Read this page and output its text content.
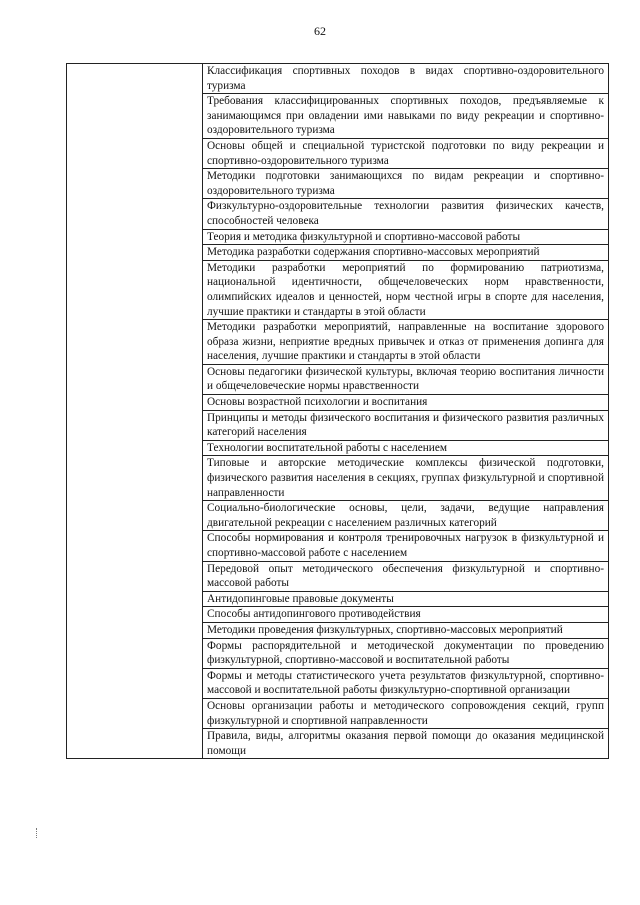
62
	Классификация спортивных походов в видах спортивно-оздоровительного туризма
Требования классифицированных спортивных походов, предъявляемые к занимающимся при овладении ими навыками по виду рекреации и спортивно-оздоровительного туризма
Основы общей и специальной туристской подготовки по виду рекреации и спортивно-оздоровительного туризма
Методики подготовки занимающихся по видам рекреации и спортивно-оздоровительного туризма
Физкультурно-оздоровительные технологии развития физических качеств, способностей человека
Теория и методика физкультурной и спортивно-массовой работы
Методика разработки содержания спортивно-массовых мероприятий
Методики разработки мероприятий по формированию патриотизма, национальной идентичности, общечеловеческих норм нравственности, олимпийских идеалов и ценностей, норм честной игры в спорте для населения, лучшие практики и стандарты в этой области
Методики разработки мероприятий, направленные на воспитание здорового образа жизни, неприятие вредных привычек и отказ от применения допинга для населения, лучшие практики и стандарты в этой области
Основы педагогики физической культуры, включая теорию воспитания личности и общечеловеческие нормы нравственности
Основы возрастной психологии и воспитания
Принципы и методы физического воспитания и физического развития различных категорий населения
Технологии воспитательной работы с населением
Типовые и авторские методические комплексы физической подготовки, физического развития населения в секциях, группах физкультурной и спортивной направленности
Социально-биологические основы, цели, задачи, ведущие направления двигательной рекреации с населением различных категорий
Способы нормирования и контроля тренировочных нагрузок в физкультурной и спортивно-массовой работе с населением
Передовой опыт методического обеспечения физкультурной и спортивно-массовой работы
Антидопинговые правовые документы
Способы антидопингового противодействия
Методики проведения физкультурных, спортивно-массовых мероприятий
Формы распорядительной и методической документации по проведению физкультурной, спортивно-массовой и воспитательной работы
Формы и методы статистического учета результатов физкультурной, спортивно-массовой и воспитательной работы физкультурно-спортивной организации
Основы организации работы и методического сопровождения секций, групп физкультурной и спортивной направленности
Правила, виды, алгоритмы оказания первой помощи до оказания медицинской помощи
